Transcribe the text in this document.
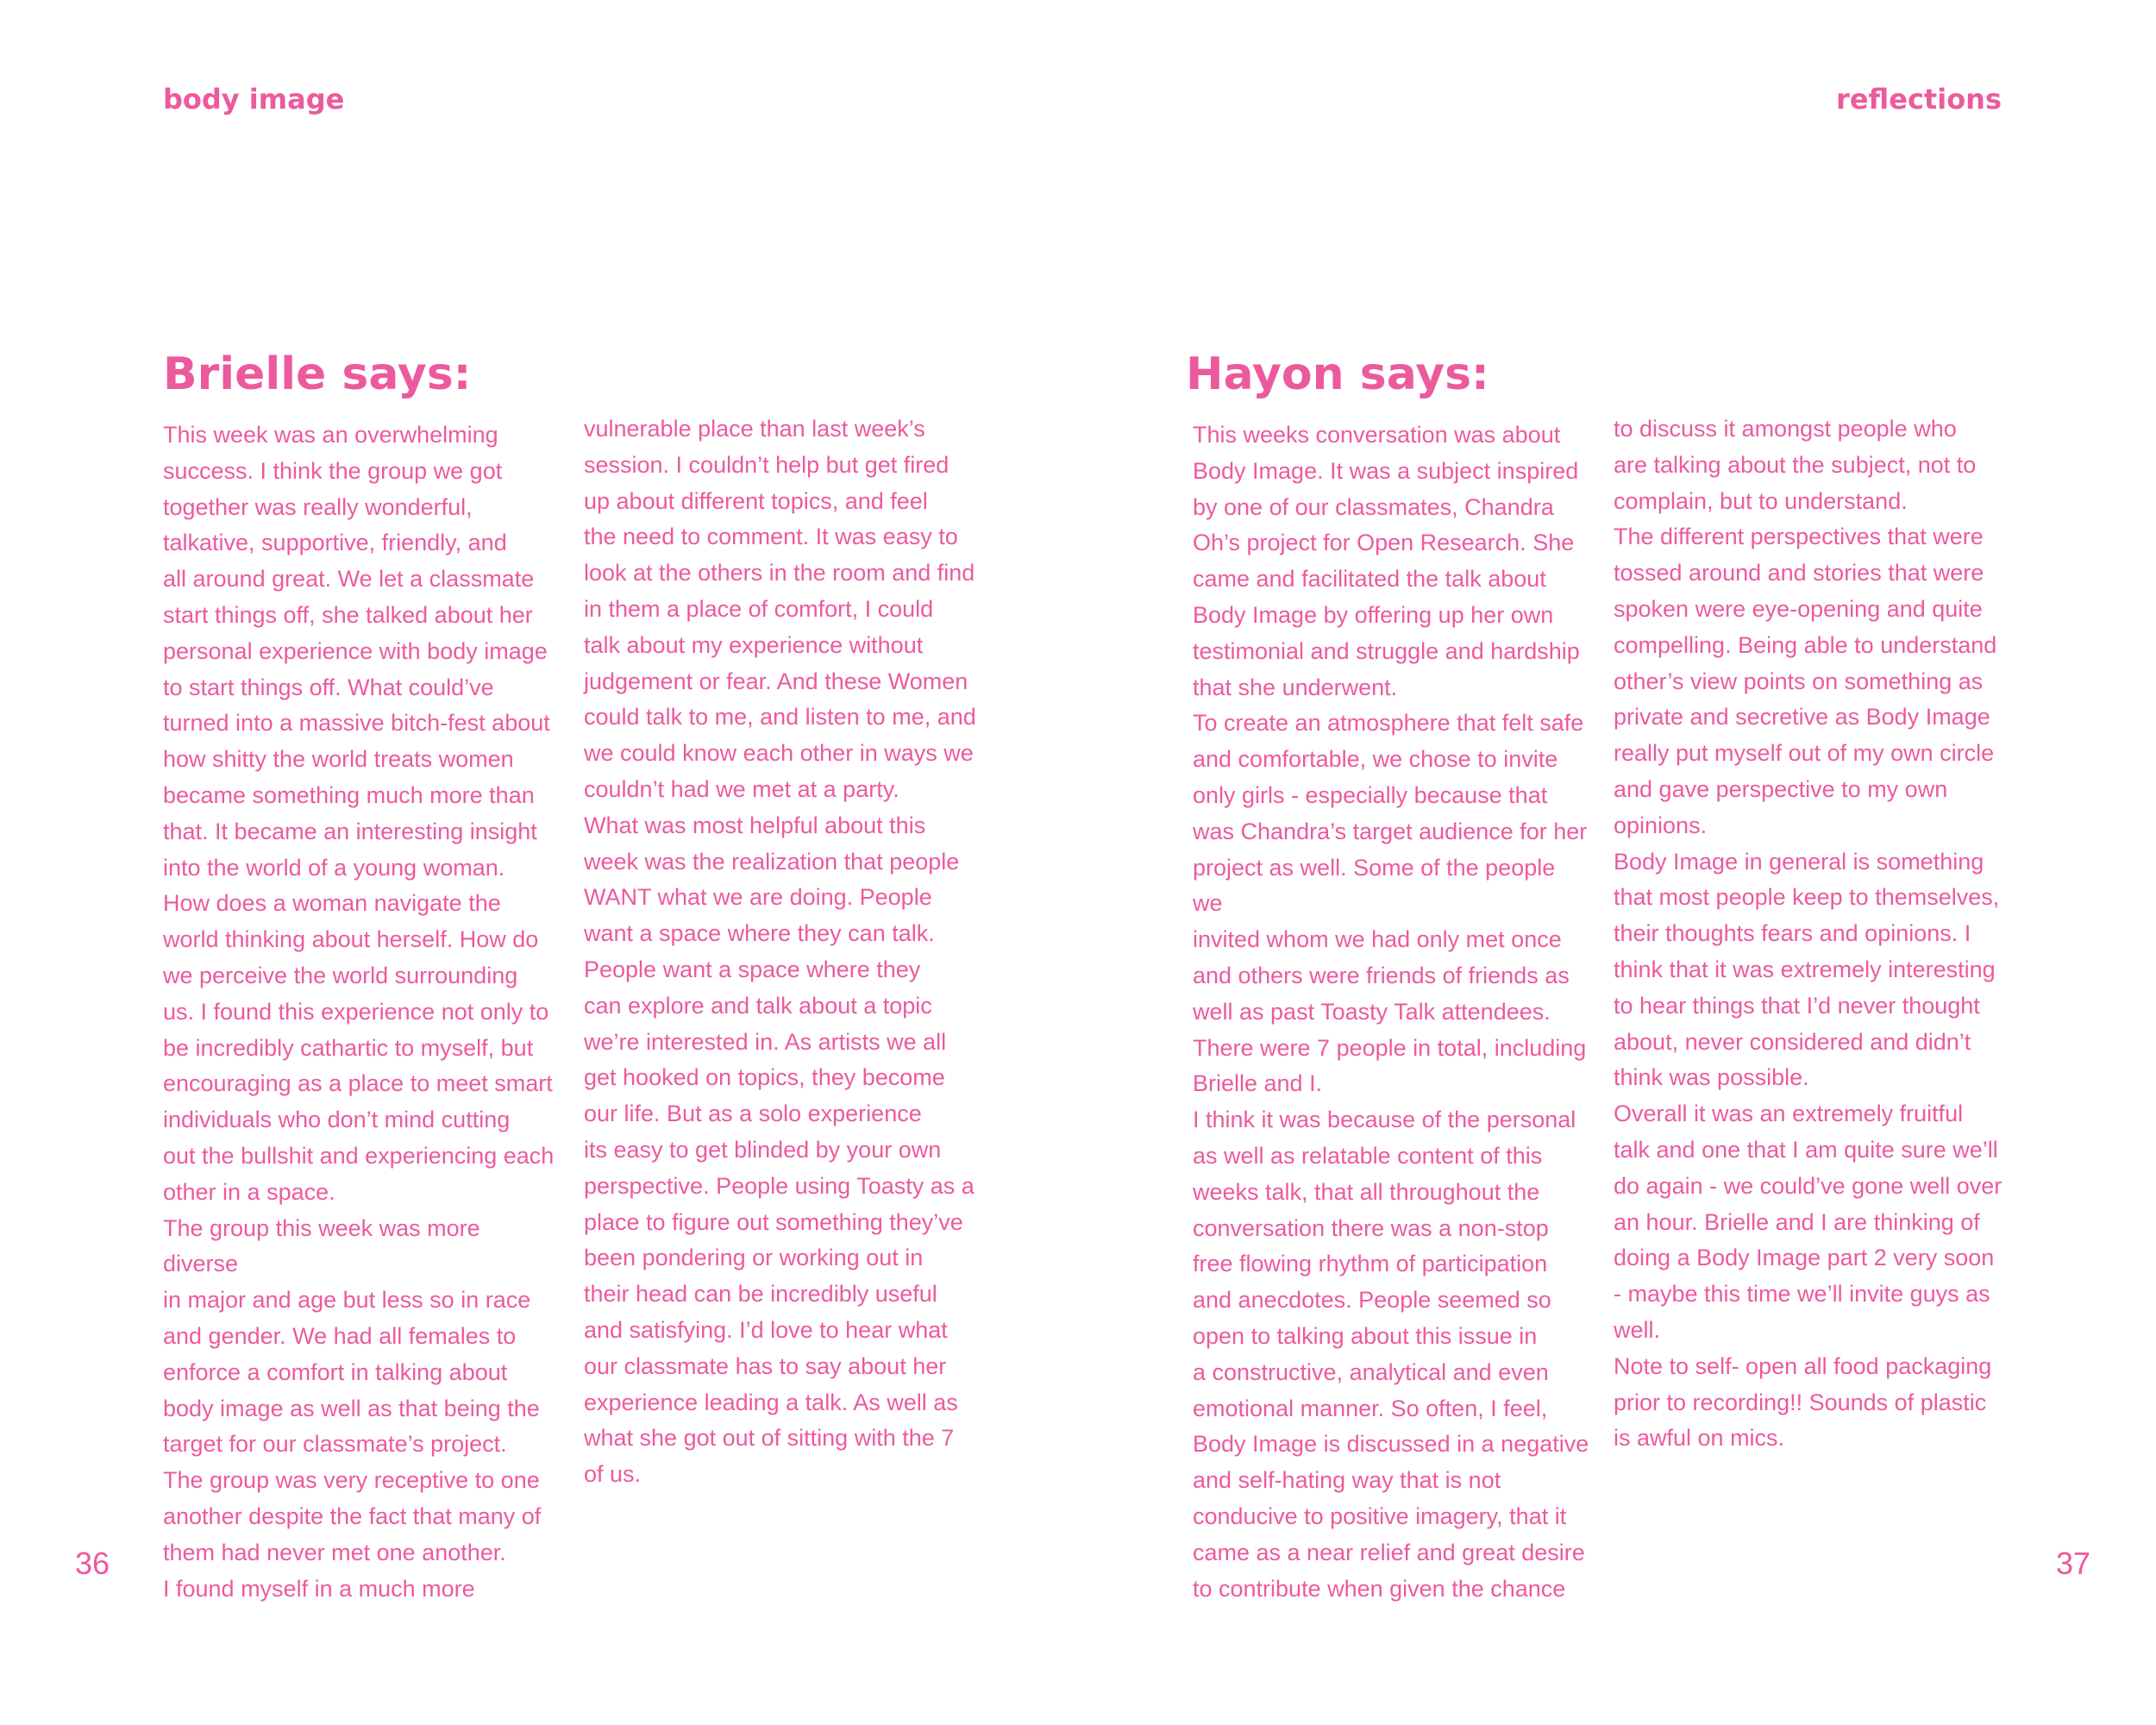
body image	reflections
Brielle says:
This week was an overwhelming
success. I think the group we got
together was really wonderful,
talkative, supportive, friendly, and
all around great. We let a classmate
start things off, she talked about her
personal experience with body image
to start things off. What could’ve
turned into a massive bitch-fest about
how shitty the world treats women
became something much more than
that. It became an interesting insight
into the world of a young woman.
How does a woman navigate the
world thinking about herself. How do
we perceive the world surrounding
us. I found this experience not only to
be incredibly cathartic to myself, but
encouraging as a place to meet smart
individuals who don’t mind cutting
out the bullshit and experiencing each
other in a space.
The group this week was more diverse
in major and age but less so in race
and gender. We had all females to
enforce a comfort in talking about
body image as well as that being the
target for our classmate’s project.
The group was very receptive to one
another despite the fact that many of
them had never met one another.
I found myself in a much more
vulnerable place than last week’s
session. I couldn’t help but get fired
up about different topics, and feel
the need to comment. It was easy to
look at the others in the room and find
in them a place of comfort, I could
talk about my experience without
judgement or fear. And these Women
could talk to me, and listen to me, and
we could know each other in ways we
couldn’t had we met at a party.
What was most helpful about this
week was the realization that people
WANT what we are doing. People
want a space where they can talk.
People want a space where they
can explore and talk about a topic
we’re interested in. As artists we all
get hooked on topics, they become
our life. But as a solo experience
its easy to get blinded by your own
perspective. People using Toasty as a
place to figure out something they’ve
been pondering or working out in
their head can be incredibly useful
and satisfying. I’d love to hear what
our classmate has to say about her
experience leading a talk. As well as
what she got out of sitting with the 7
of us.
Hayon says:
This weeks conversation was about
Body Image. It was a subject inspired
by one of our classmates, Chandra
Oh’s project for Open Research. She
came and facilitated the talk about
Body Image by offering up her own
testimonial and struggle and hardship
that she underwent.
To create an atmosphere that felt safe
and comfortable, we chose to invite
only girls - especially because that
was Chandra’s target audience for her
project as well. Some of the people we
invited whom we had only met once
and others were friends of friends as
well as past Toasty Talk attendees.
There were 7 people in total, including
Brielle and I.
I think it was because of the personal
as well as relatable content of this
weeks talk, that all throughout the
conversation there was a non-stop
free flowing rhythm of participation
and anecdotes. People seemed so
open to talking about this issue in
a constructive, analytical and even
emotional manner. So often, I feel,
Body Image is discussed in a negative
and self-hating way that is not
conducive to positive imagery, that it
came as a near relief and great desire
to contribute when given the chance
to discuss it amongst people who
are talking about the subject, not to
complain, but to understand.
The different perspectives that were
tossed around and stories that were
spoken were eye-opening and quite
compelling. Being able to understand
other’s view points on something as
private and secretive as Body Image
really put myself out of my own circle
and gave perspective to my own
opinions.
Body Image in general is something
that most people keep to themselves,
their thoughts fears and opinions. I
think that it was extremely interesting
to hear things that I’d never thought
about, never considered and didn’t
think was possible.
Overall it was an extremely fruitful
talk and one that I am quite sure we’ll
do again - we could’ve gone well over
an hour. Brielle and I are thinking of
doing a Body Image part 2 very soon
- maybe this time we’ll invite guys as
well.
Note to self- open all food packaging
prior to recording!! Sounds of plastic
is awful on mics.
36	37
